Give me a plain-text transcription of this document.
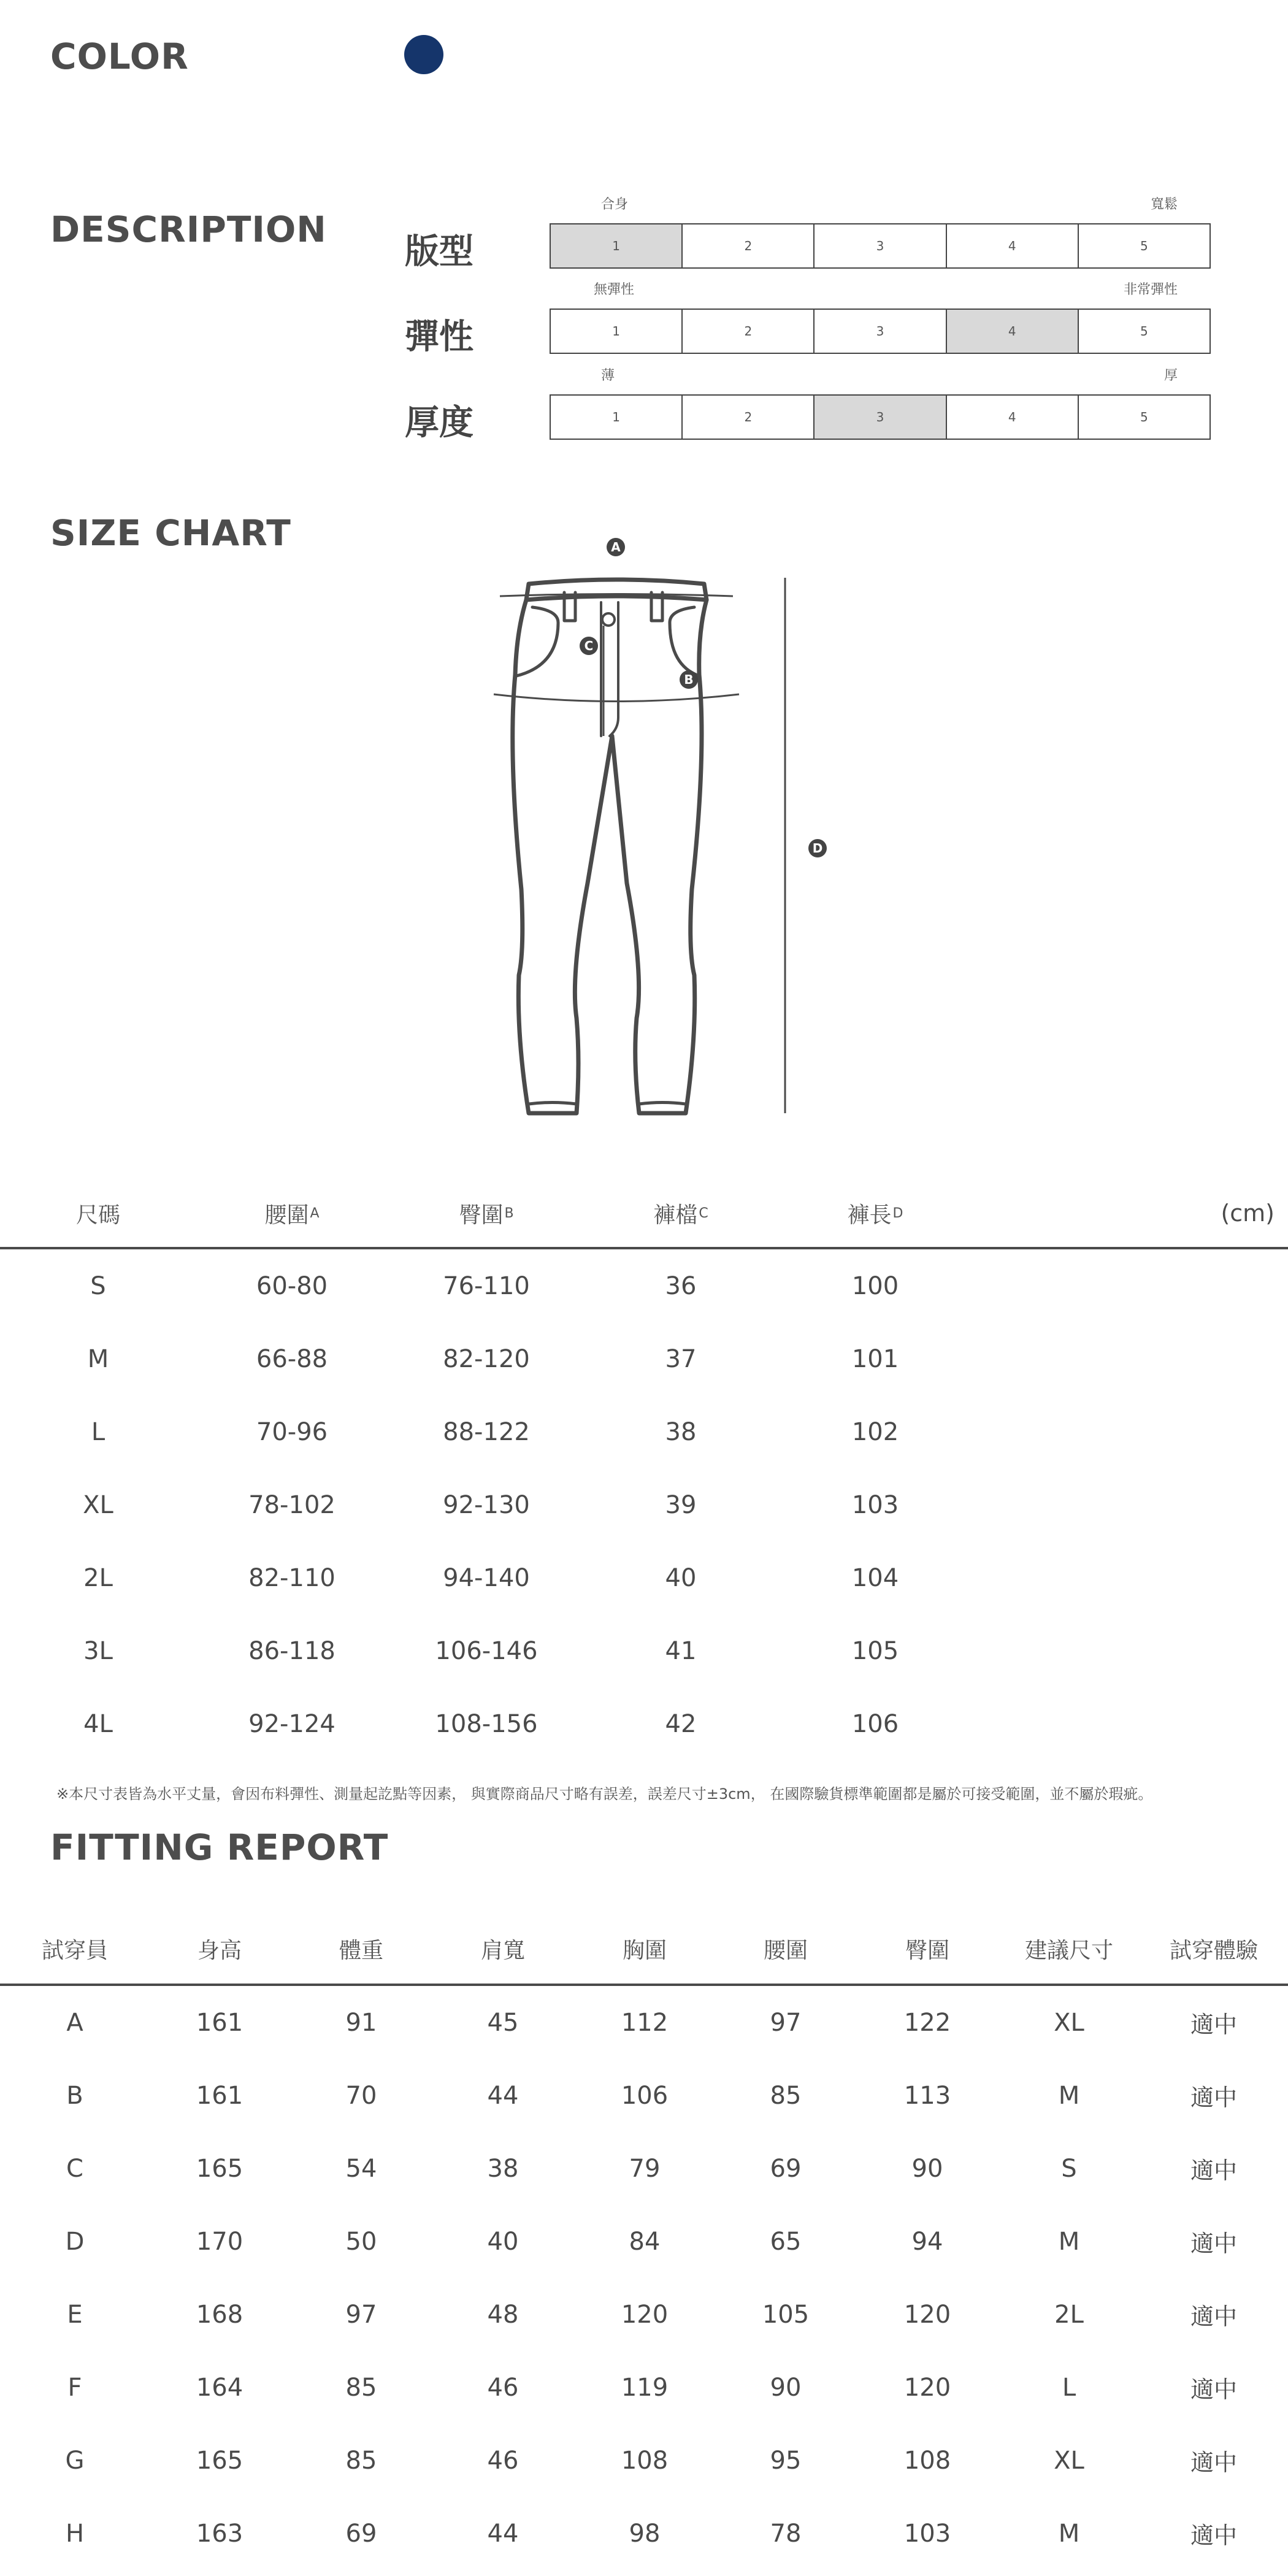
COLOR
DESCRIPTION
合身	寬鬆
版型	1	2	3	4	5
無彈性	非常彈性
彈性	1	2	3	4	5
薄	厚
厚度	1	2	3	4	5
SIZE CHART	A
B
C
D
(cm)
尺碼	腰圍 A	臀圍 B	褲檔 C	褲長 D
S	60-80	76-110	36	100
M	66-88	82-120	37	101
L	70-96	88-122	38	102
XL	78-102	92-130	39	103
2L	82-110	94-140	40	104
3L	86-118	106-146	41	105
4L	92-124	108-156	42	106
※本尺寸表皆為水平丈量，會因布料彈性、測量起訖點等因素， 與實際商品尺寸略有誤差，誤差尺寸±3cm， 在國際驗貨標準範圍都是屬於可接受範圍，並不屬於瑕疵。
FITTING REPORT
試穿員	身高	體重	肩寬	胸圍	腰圍	臀圍	建議尺寸	試穿體驗
A	161	91	45	112	97	122	XL	適中
B	161	70	44	106	85	113	M	適中
C	165	54	38	79	69	90	S	適中
D	170	50	40	84	65	94	M	適中
E	168	97	48	120	105	120	2L	適中
F	164	85	46	119	90	120	L	適中
G	165	85	46	108	95	108	XL	適中
H	163	69	44	98	78	103	M	適中
